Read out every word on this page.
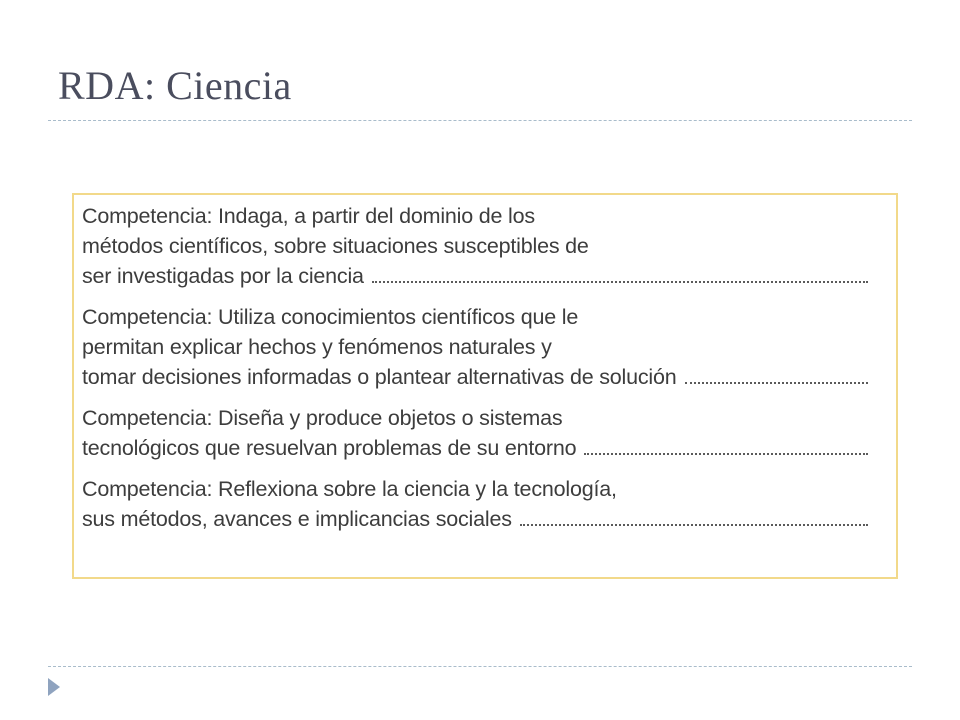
RDA: Ciencia
Competencia: Indaga, a partir del dominio de los
métodos científicos, sobre situaciones susceptibles de
ser investigadas por la ciencia
Competencia: Utiliza conocimientos científicos que le
permitan explicar hechos y fenómenos naturales y
tomar decisiones informadas o plantear alternativas de solución
Competencia: Diseña y produce objetos o sistemas
tecnológicos que resuelvan problemas de su entorno
Competencia: Reflexiona sobre la ciencia y la tecnología,
sus métodos, avances e implicancias sociales
